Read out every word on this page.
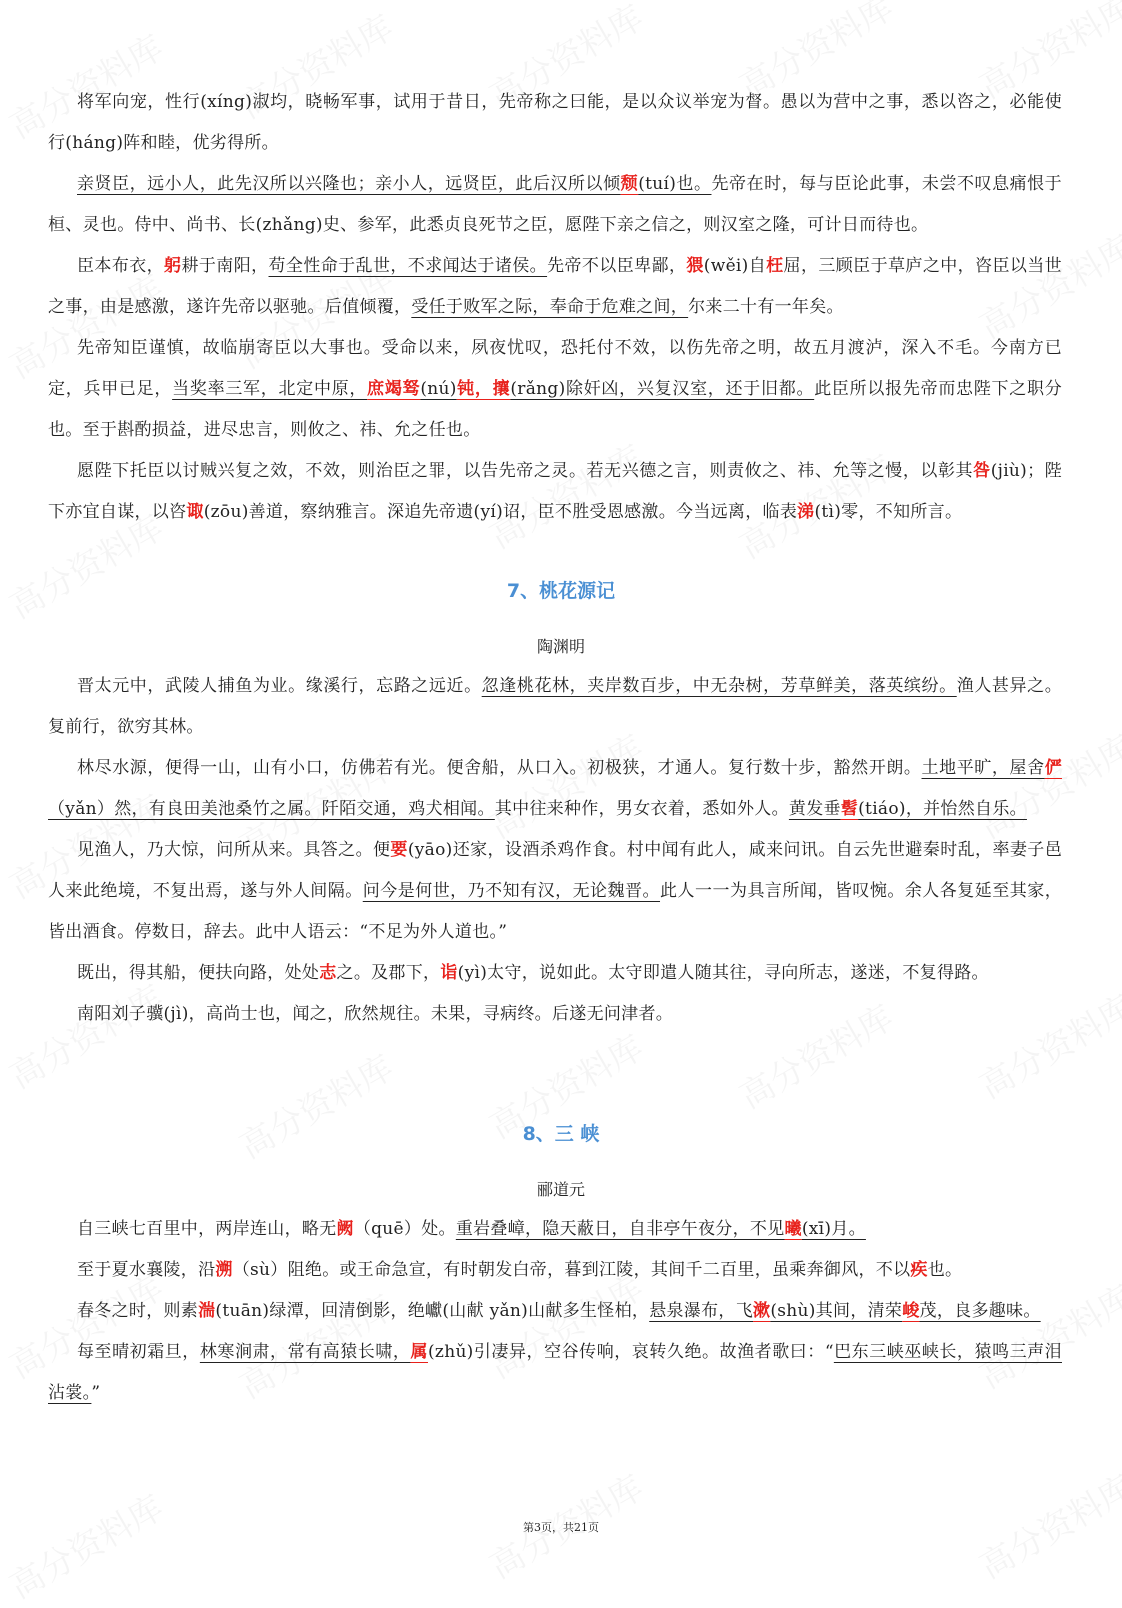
将军向宠，性行(xíng)淑均，晓畅军事，试用于昔日，先帝称之曰能，是以众议举宠为督。愚以为营中之事，悉以咨之，必能使行(háng)阵和睦，优劣得所。

亲贤臣，远小人，此先汉所以兴隆也；亲小人，远贤臣，此后汉所以倾颓(tuí)也。先帝在时，每与臣论此事，未尝不叹息痛恨于桓、灵也。侍中、尚书、长(zhǎng)史、参军，此悉贞良死节之臣，愿陛下亲之信之，则汉室之隆，可计日而待也。

臣本布衣，躬耕于南阳，苟全性命于乱世，不求闻达于诸侯。先帝不以臣卑鄙，猥(wěi)自枉屈，三顾臣于草庐之中，咨臣以当世之事，由是感激，遂许先帝以驱驰。后值倾覆，受任于败军之际，奉命于危难之间，尔来二十有一年矣。

先帝知臣谨慎，故临崩寄臣以大事也。受命以来，夙夜忧叹，恐托付不效，以伤先帝之明，故五月渡泸，深入不毛。今南方已定，兵甲已足，当奖率三军，北定中原，庶竭驽(nú)钝，攘(rǎng)除奸凶，兴复汉室，还于旧都。此臣所以报先帝而忠陛下之职分也。至于斟酌损益，进尽忠言，则攸之、祎、允之任也。

愿陛下托臣以讨贼兴复之效，不效，则治臣之罪，以告先帝之灵。若无兴德之言，则责攸之、祎、允等之慢，以彰其咎(jiù)；陛下亦宜自谋，以咨诹(zōu)善道，察纳雅言。深追先帝遗(yí)诏，臣不胜受恩感激。今当远离，临表涕(tì)零，不知所言。

7、桃花源记
陶渊明

晋太元中，武陵人捕鱼为业。缘溪行，忘路之远近。忽逢桃花林，夹岸数百步，中无杂树，芳草鲜美，落英缤纷。渔人甚异之。复前行，欲穷其林。

林尽水源，便得一山，山有小口，仿佛若有光。便舍船，从口入。初极狭，才通人。复行数十步，豁然开朗。土地平旷，屋舍俨（yǎn）然，有良田美池桑竹之属。阡陌交通，鸡犬相闻。其中往来种作，男女衣着，悉如外人。黄发垂髫(tiáo)，并怡然自乐。

见渔人，乃大惊，问所从来。具答之。便要(yāo)还家，设酒杀鸡作食。村中闻有此人，咸来问讯。自云先世避秦时乱，率妻子邑人来此绝境，不复出焉，遂与外人间隔。问今是何世，乃不知有汉，无论魏晋。此人一一为具言所闻，皆叹惋。余人各复延至其家，皆出酒食。停数日，辞去。此中人语云：“不足为外人道也。”

既出，得其船，便扶向路，处处志之。及郡下，诣(yì)太守，说如此。太守即遣人随其往，寻向所志，遂迷，不复得路。

南阳刘子骥(jì)，高尚士也，闻之，欣然规往。未果，寻病终。后遂无问津者。

8、三 峡
郦道元

自三峡七百里中，两岸连山，略无阙（quē）处。重岩叠嶂，隐天蔽日，自非亭午夜分，不见曦(xī)月。

至于夏水襄陵，沿溯（sù）阻绝。或王命急宣，有时朝发白帝，暮到江陵，其间千二百里，虽乘奔御风，不以疾也。

春冬之时，则素湍(tuān)绿潭，回清倒影，绝巘(山献 yǎn)山献多生怪柏，悬泉瀑布，飞漱(shù)其间，清荣峻茂，良多趣味。

每至晴初霜旦，林寒涧肃，常有高猿长啸，属(zhǔ)引凄异，空谷传响，哀转久绝。故渔者歌曰：“巴东三峡巫峡长，猿鸣三声泪沾裳。”

第3页，共21页
